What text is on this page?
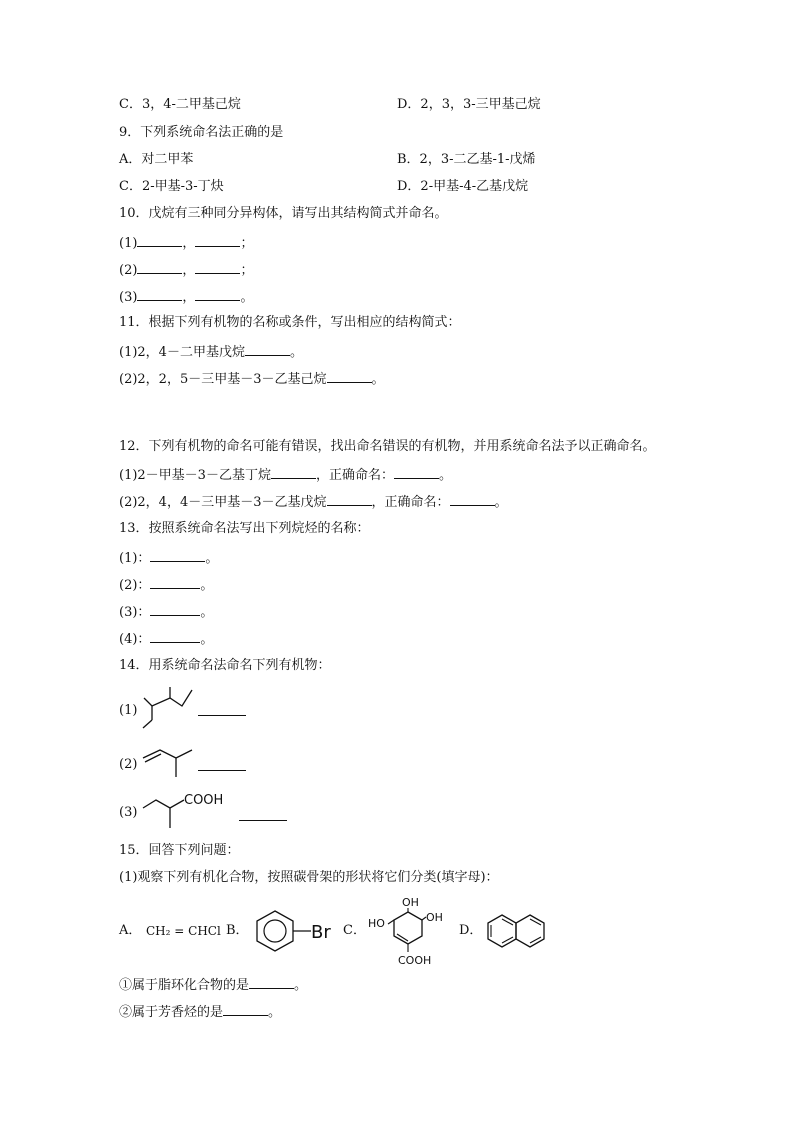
C．3，4-二甲基己烷	D．2，3，3-三甲基己烷
9．下列系统命名法正确的是
A．对二甲苯	B．2，3-二乙基-1-戊烯
C．2-甲基-3-丁炔	D．2-甲基-4-乙基戊烷
10．戊烷有三种同分异构体，请写出其结构简式并命名。
(1)	，	；
(2)	，	；
(3)	，	。
11．根据下列有机物的名称或条件，写出相应的结构简式：
(1)2，4－二甲基戊烷	。
(2)2，2，5－三甲基－3－乙基己烷	。
12．下列有机物的命名可能有错误，找出命名错误的有机物，并用系统命名法予以正确命名。
(1)2－甲基－3－乙基丁烷	，正确命名：	。
(2)2，4，4－三甲基－3－乙基戊烷	，正确命名：	。
13．按照系统命名法写出下列烷烃的名称：
(1)：	。
(2)：	。
(3)：	。
(4)：	。
14．用系统命名法命名下列有机物：
(1)
(2)
(3)
COOH
15．回答下列问题：
(1)观察下列有机化合物，按照碳骨架的形状将它们分类(填字母)：
A． CH₂ = CHCl B．	Br C．
OH
HO	OH
COOH
D．
①属于脂环化合物的是	。
②属于芳香烃的是	。
